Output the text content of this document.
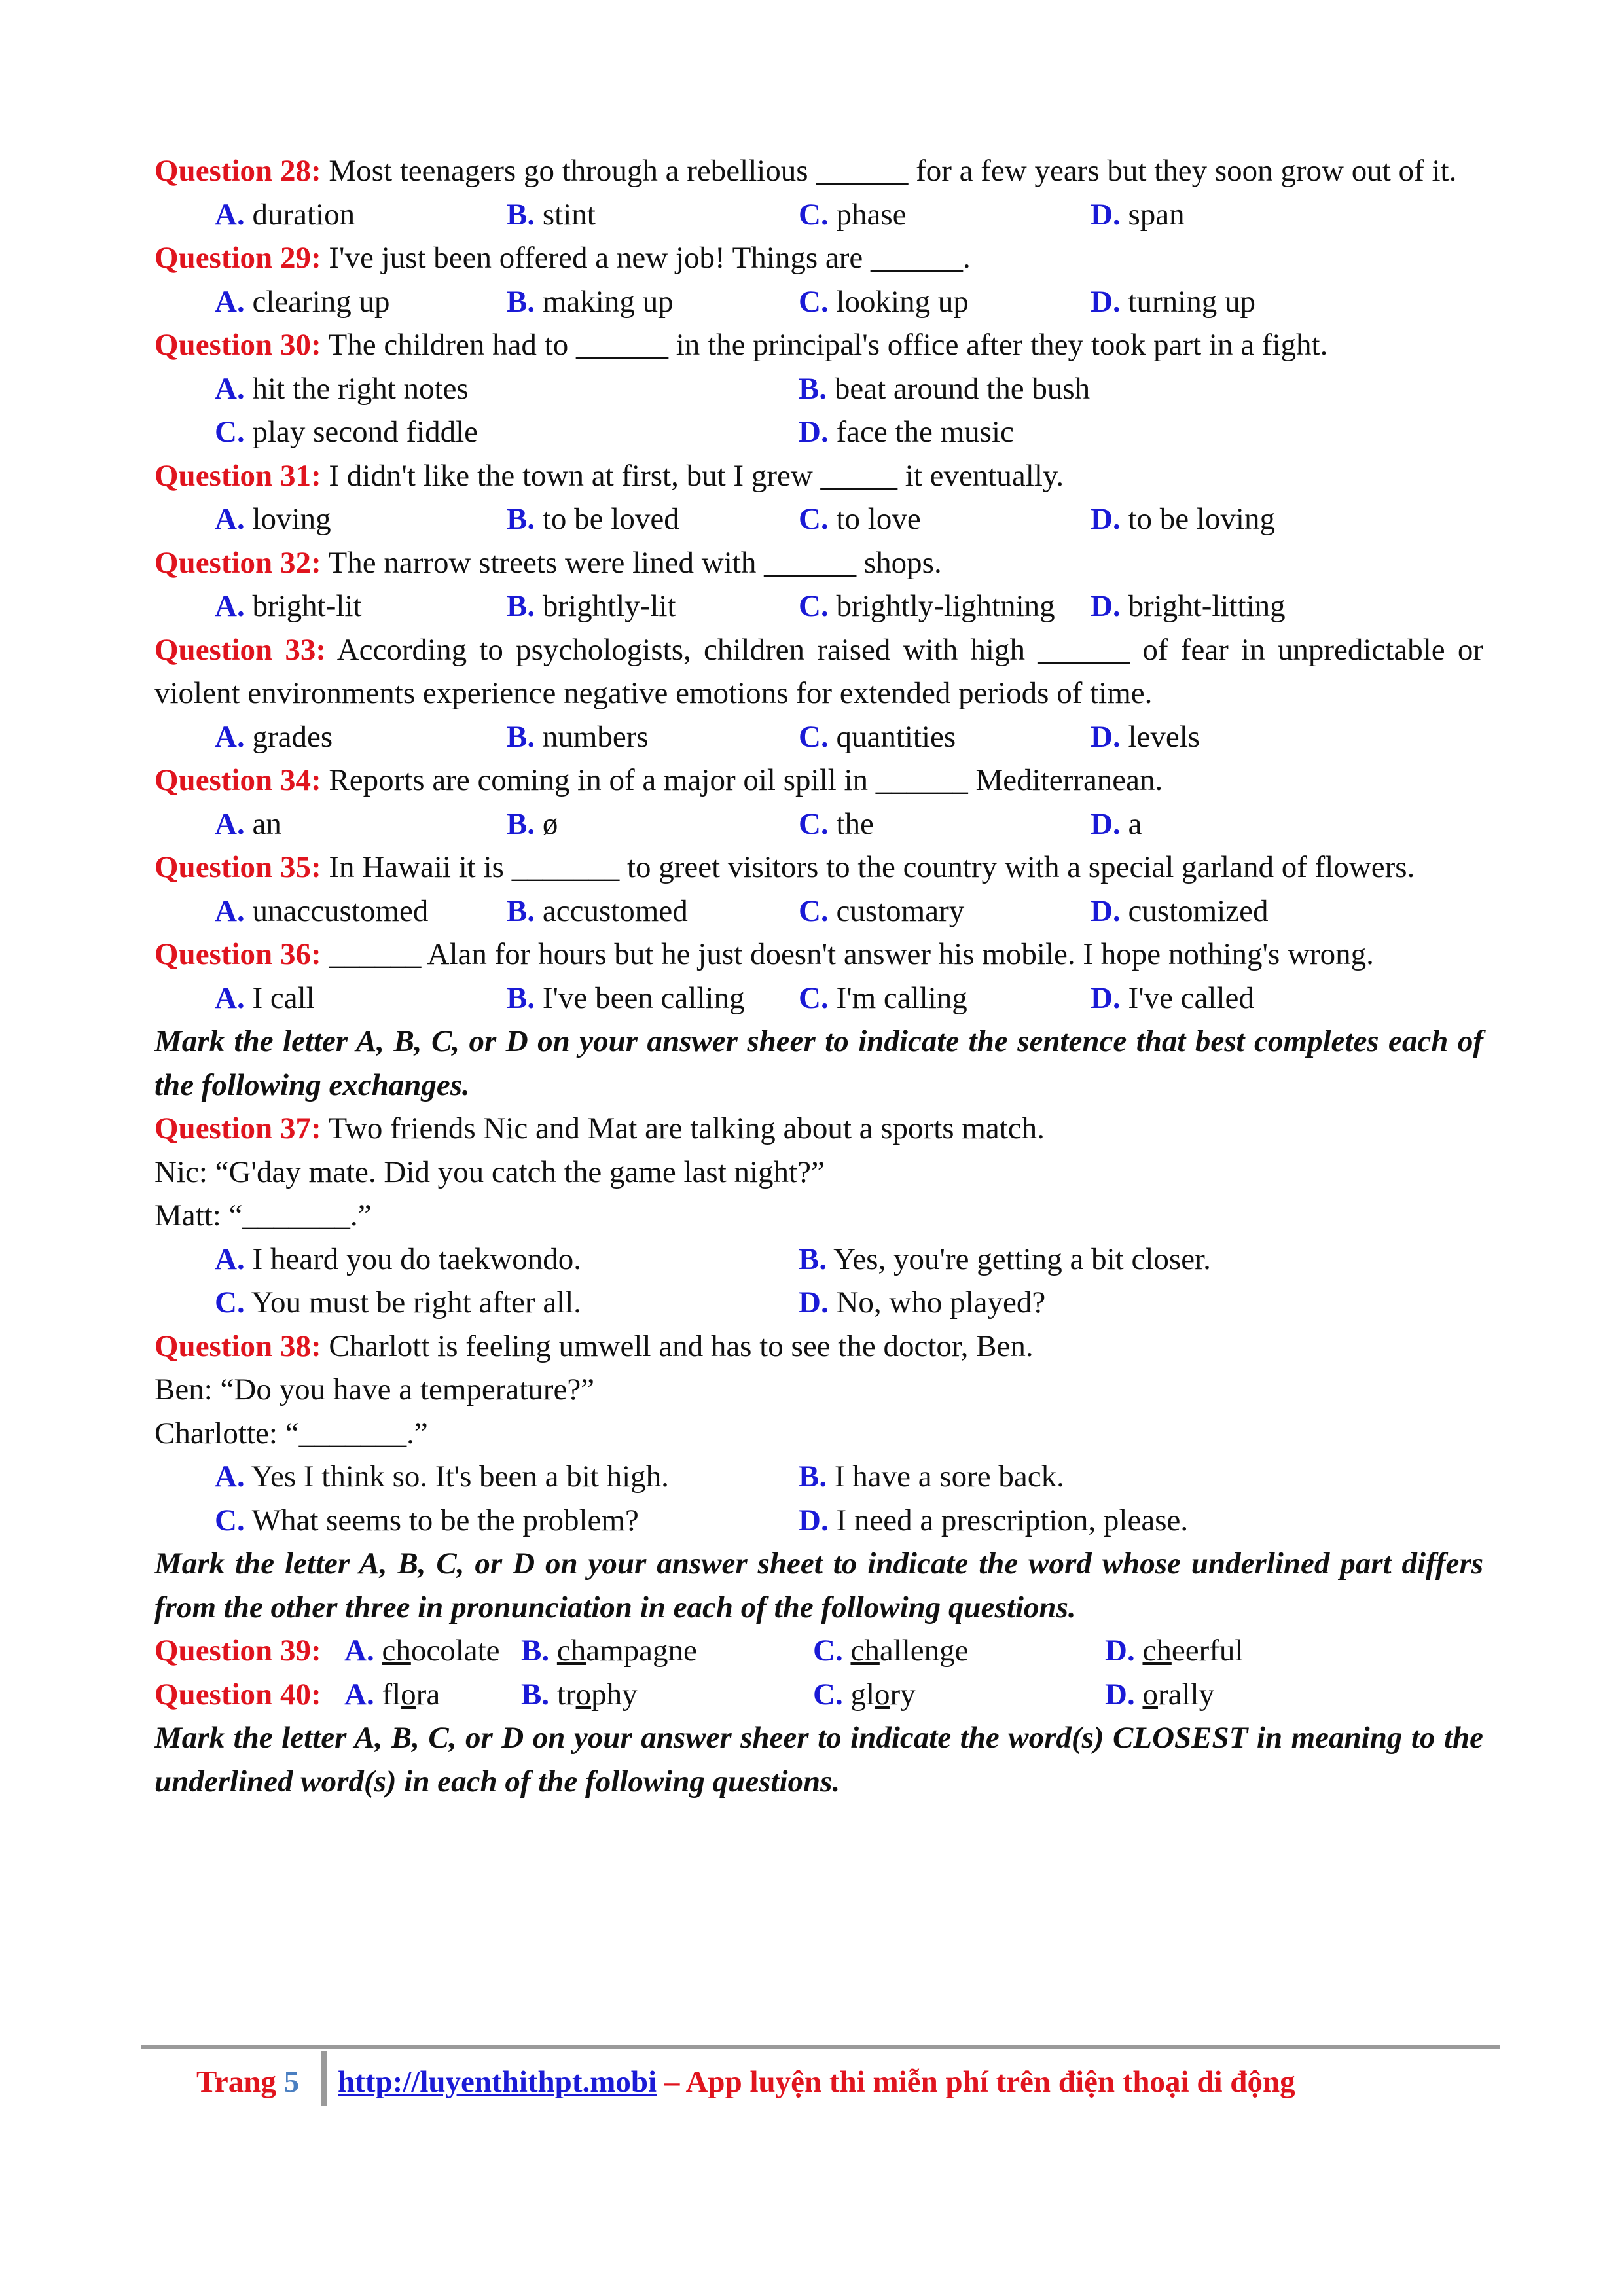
Question 28: Most teenagers go through a rebellious ______ for a few years but they soon grow out of it.
A. duration	B. stint	C. phase	D. span
Question 29: I've just been offered a new job! Things are ______.
A. clearing up	B. making up	C. looking up	D. turning up
Question 30: The children had to ______ in the principal's office after they took part in a fight.
A. hit the right notes	B. beat around the bush
C. play second fiddle	D. face the music
Question 31: I didn't like the town at first, but I grew _____ it eventually.
A. loving	B. to be loved	C. to love	D. to be loving
Question 32: The narrow streets were lined with ______ shops.
A. bright-lit	B. brightly-lit	C. brightly-lightning	D. bright-litting
Question 33: According to psychologists, children raised with high ______ of fear in unpredictable or violent environments experience negative emotions for extended periods of time.
A. grades	B. numbers	C. quantities	D. levels
Question 34: Reports are coming in of a major oil spill in ______ Mediterranean.
A. an	B. ø	C. the	D. a
Question 35: In Hawaii it is _______ to greet visitors to the country with a special garland of flowers.
A. unaccustomed	B. accustomed	C. customary	D. customized
Question 36: ______ Alan for hours but he just doesn't answer his mobile. I hope nothing's wrong.
A. I call	B. I've been calling	C. I'm calling	D. I've called
Mark the letter A, B, C, or D on your answer sheer to indicate the sentence that best completes each of the following exchanges.
Question 37: Two friends Nic and Mat are talking about a sports match.
Nic: “G'day mate. Did you catch the game last night?”
Matt: “_______.”
A. I heard you do taekwondo.	B. Yes, you're getting a bit closer.
C. You must be right after all.	D. No, who played?
Question 38: Charlott is feeling umwell and has to see the doctor, Ben.
Ben: “Do you have a temperature?”
Charlotte: “_______.”
A. Yes I think so. It's been a bit high.	B. I have a sore back.
C. What seems to be the problem?	D. I need a prescription, please.
Mark the letter A, B, C, or D on your answer sheet to indicate the word whose underlined part differs from the other three in pronunciation in each of the following questions.
Question 39: A. chocolate B. champagne	C. challenge	D. cheerful
Question 40: A. flora	B. trophy	C. glory	D. orally
Mark the letter A, B, C, or D on your answer sheer to indicate the word(s) CLOSEST in meaning to the underlined word(s) in each of the following questions.
Trang 5 http://luyenthithpt.mobi – App luyện thi miễn phí trên điện thoại di động
